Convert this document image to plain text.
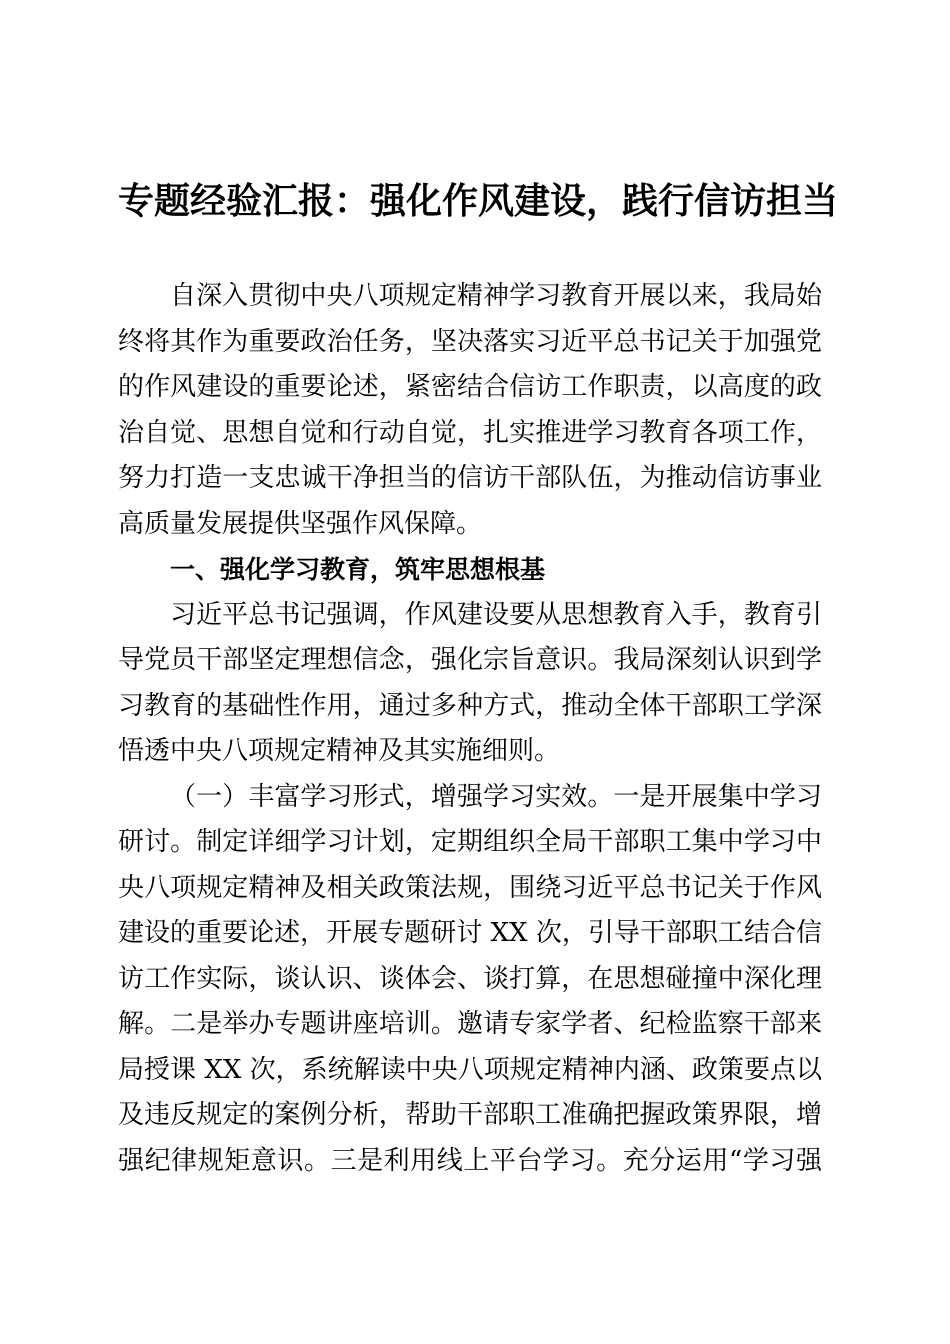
专题经验汇报：强化作风建设，践行信访担当
自深入贯彻中央八项规定精神学习教育开展以来，我局始
终将其作为重要政治任务，坚决落实习近平总书记关于加强党
的作风建设的重要论述，紧密结合信访工作职责，以高度的政
治自觉、思想自觉和行动自觉，扎实推进学习教育各项工作，
努力打造一支忠诚干净担当的信访干部队伍，为推动信访事业
高质量发展提供坚强作风保障。
一、强化学习教育，筑牢思想根基
习近平总书记强调，作风建设要从思想教育入手，教育引
导党员干部坚定理想信念，强化宗旨意识。我局深刻认识到学
习教育的基础性作用，通过多种方式，推动全体干部职工学深
悟透中央八项规定精神及其实施细则。
（一）丰富学习形式，增强学习实效。一是开展集中学习
研讨。制定详细学习计划，定期组织全局干部职工集中学习中
央八项规定精神及相关政策法规，围绕习近平总书记关于作风
建设的重要论述，开展专题研讨 XX 次，引导干部职工结合信
访工作实际，谈认识、谈体会、谈打算，在思想碰撞中深化理
解。二是举办专题讲座培训。邀请专家学者、纪检监察干部来
局授课 XX 次，系统解读中央八项规定精神内涵、政策要点以
及违反规定的案例分析，帮助干部职工准确把握政策界限，增
强纪律规矩意识。三是利用线上平台学习。充分运用“学习强
